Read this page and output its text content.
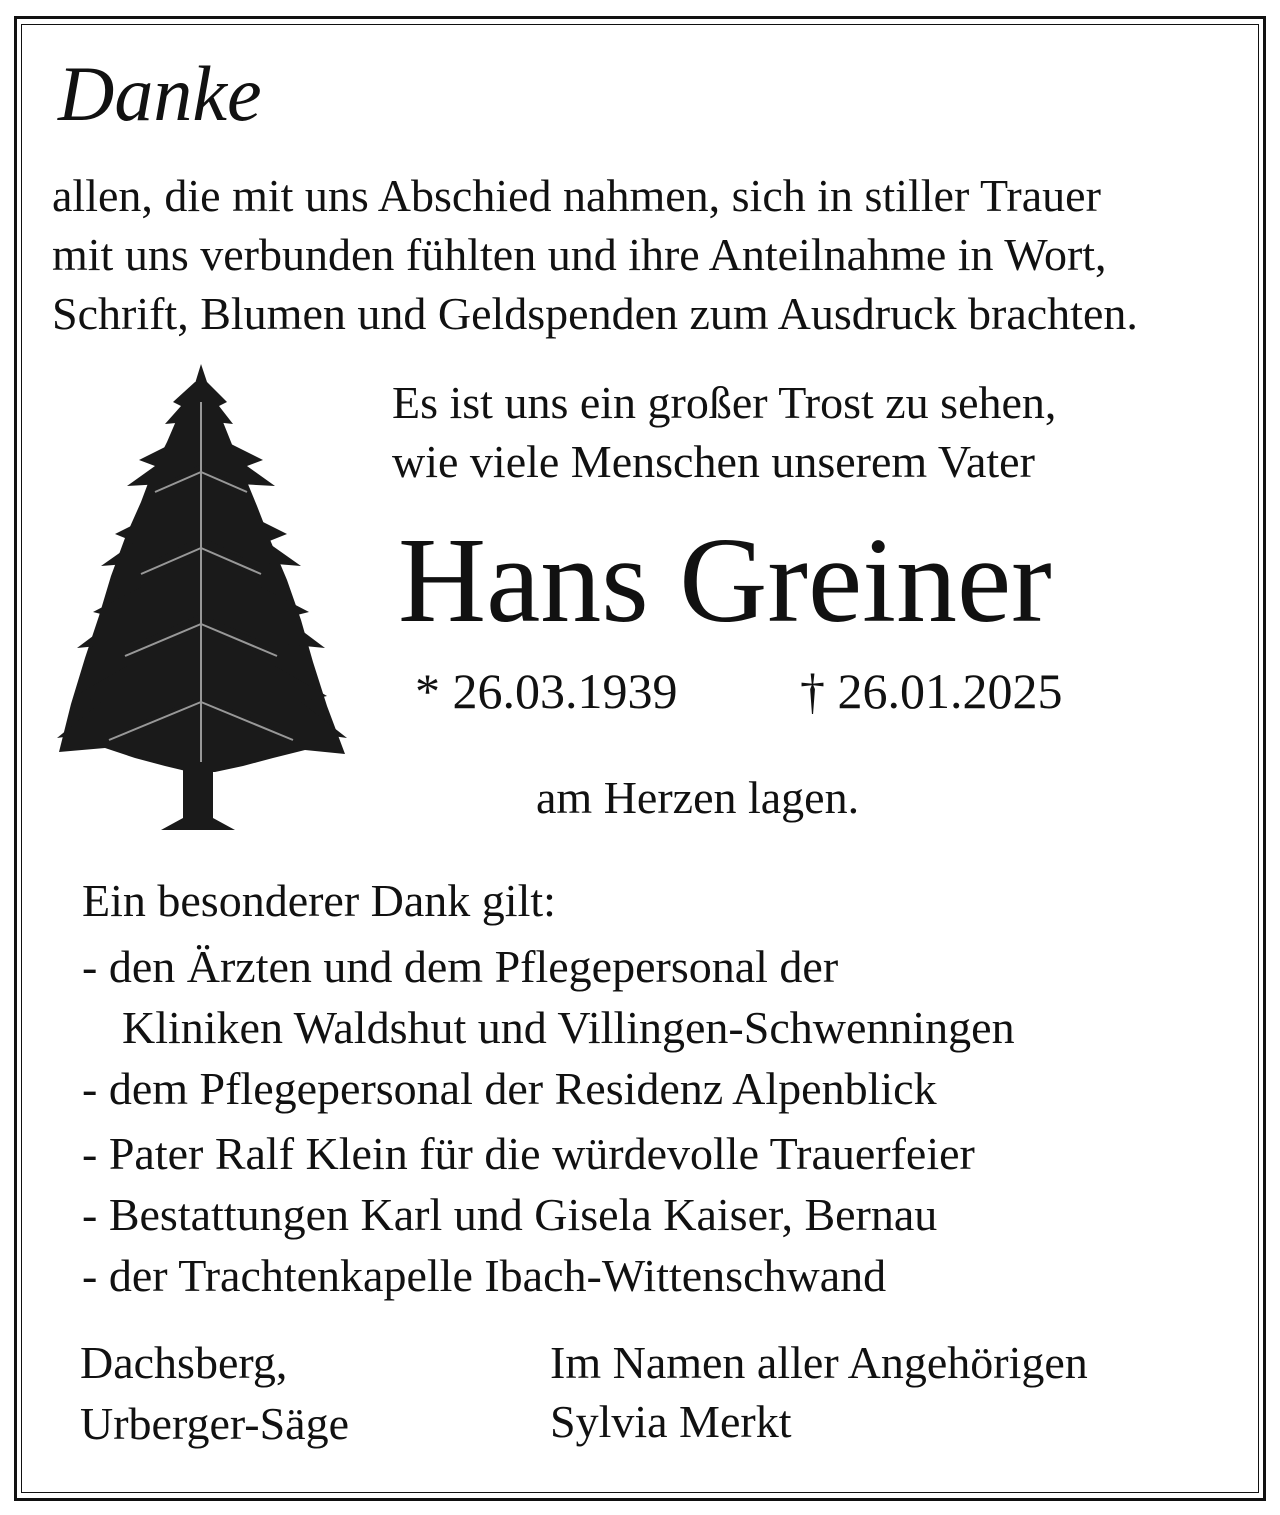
Danke
allen, die mit uns Abschied nahmen, sich in stiller Trauer
mit uns verbunden fühlten und ihre Anteilnahme in Wort,
Schrift, Blumen und Geldspenden zum Ausdruck brachten.
Es ist uns ein großer Trost zu sehen,
wie viele Menschen unserem Vater
Hans Greiner
* 26.03.1939 † 26.01.2025
am Herzen lagen.
Ein besonderer Dank gilt:
- den Ärzten und dem Pflegepersonal der
Kliniken Waldshut und Villingen-Schwenningen
- dem Pflegepersonal der Residenz Alpenblick
- Pater Ralf Klein für die würdevolle Trauerfeier
- Bestattungen Karl und Gisela Kaiser, Bernau
- der Trachtenkapelle Ibach-Wittenschwand
Dachsberg,
Urberger-Säge
Im Namen aller Angehörigen
Sylvia Merkt
